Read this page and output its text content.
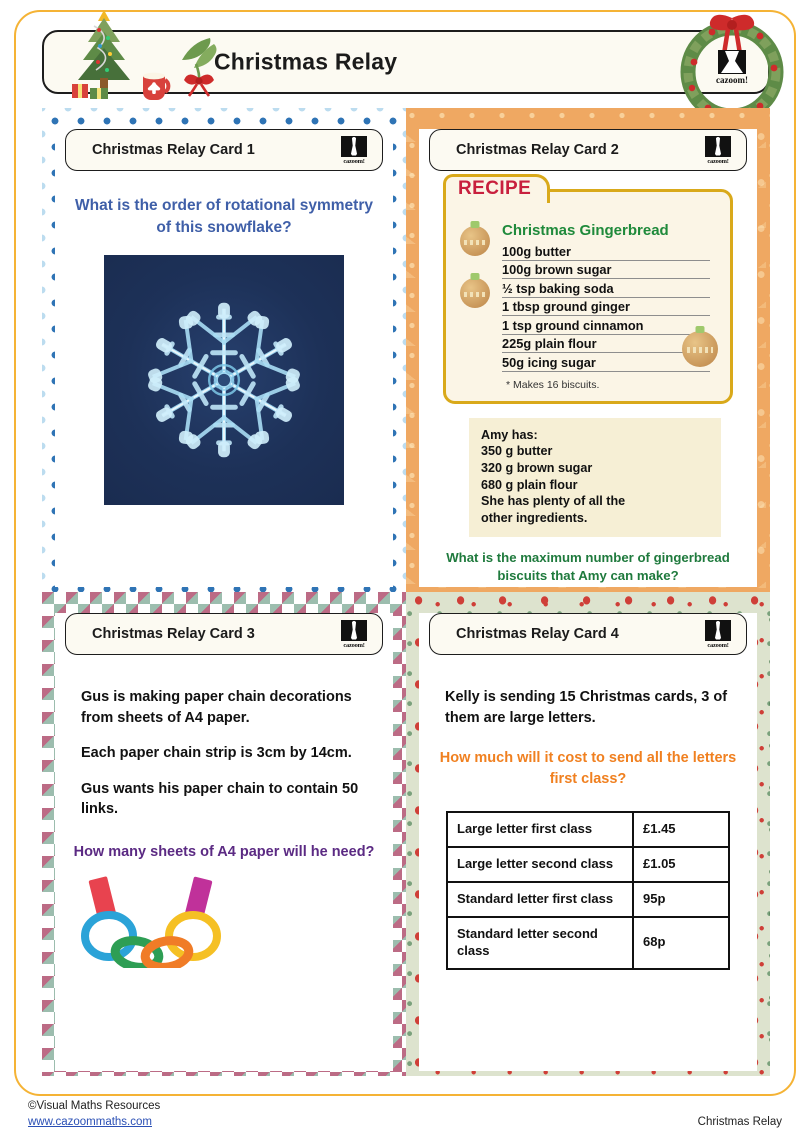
cazoom!
Christmas Relay
Christmas Relay Card 1
cazoom!
What is the order of rotational symmetry of this snowflake?
Christmas Relay Card 2
cazoom!
RECIPE
Christmas Gingerbread
100g butter
100g brown sugar
½ tsp baking soda
1 tbsp ground ginger
1 tsp ground cinnamon
225g plain flour
50g icing sugar
* Makes 16 biscuits.
Amy has:
350 g butter
320 g brown sugar
680 g plain flour
She has plenty of all the
other ingredients.
What is the maximum number of gingerbread biscuits that Amy can make?
Christmas Relay Card 3
cazoom!
Gus is making paper chain decorations from sheets of A4 paper.
Each paper chain strip is 3cm by 14cm.
Gus wants his paper chain to contain 50 links.
How many sheets of A4 paper will he need?
Christmas Relay Card 4
cazoom!
Kelly is sending 15 Christmas cards, 3 of them are large letters.
How much will it cost to send all the letters first class?
Large letter first class	£1.45
Large letter second class	£1.05
Standard letter first class	95p
Standard letter second class	68p
©Visual Maths Resources
www.cazoommaths.com	Christmas Relay
